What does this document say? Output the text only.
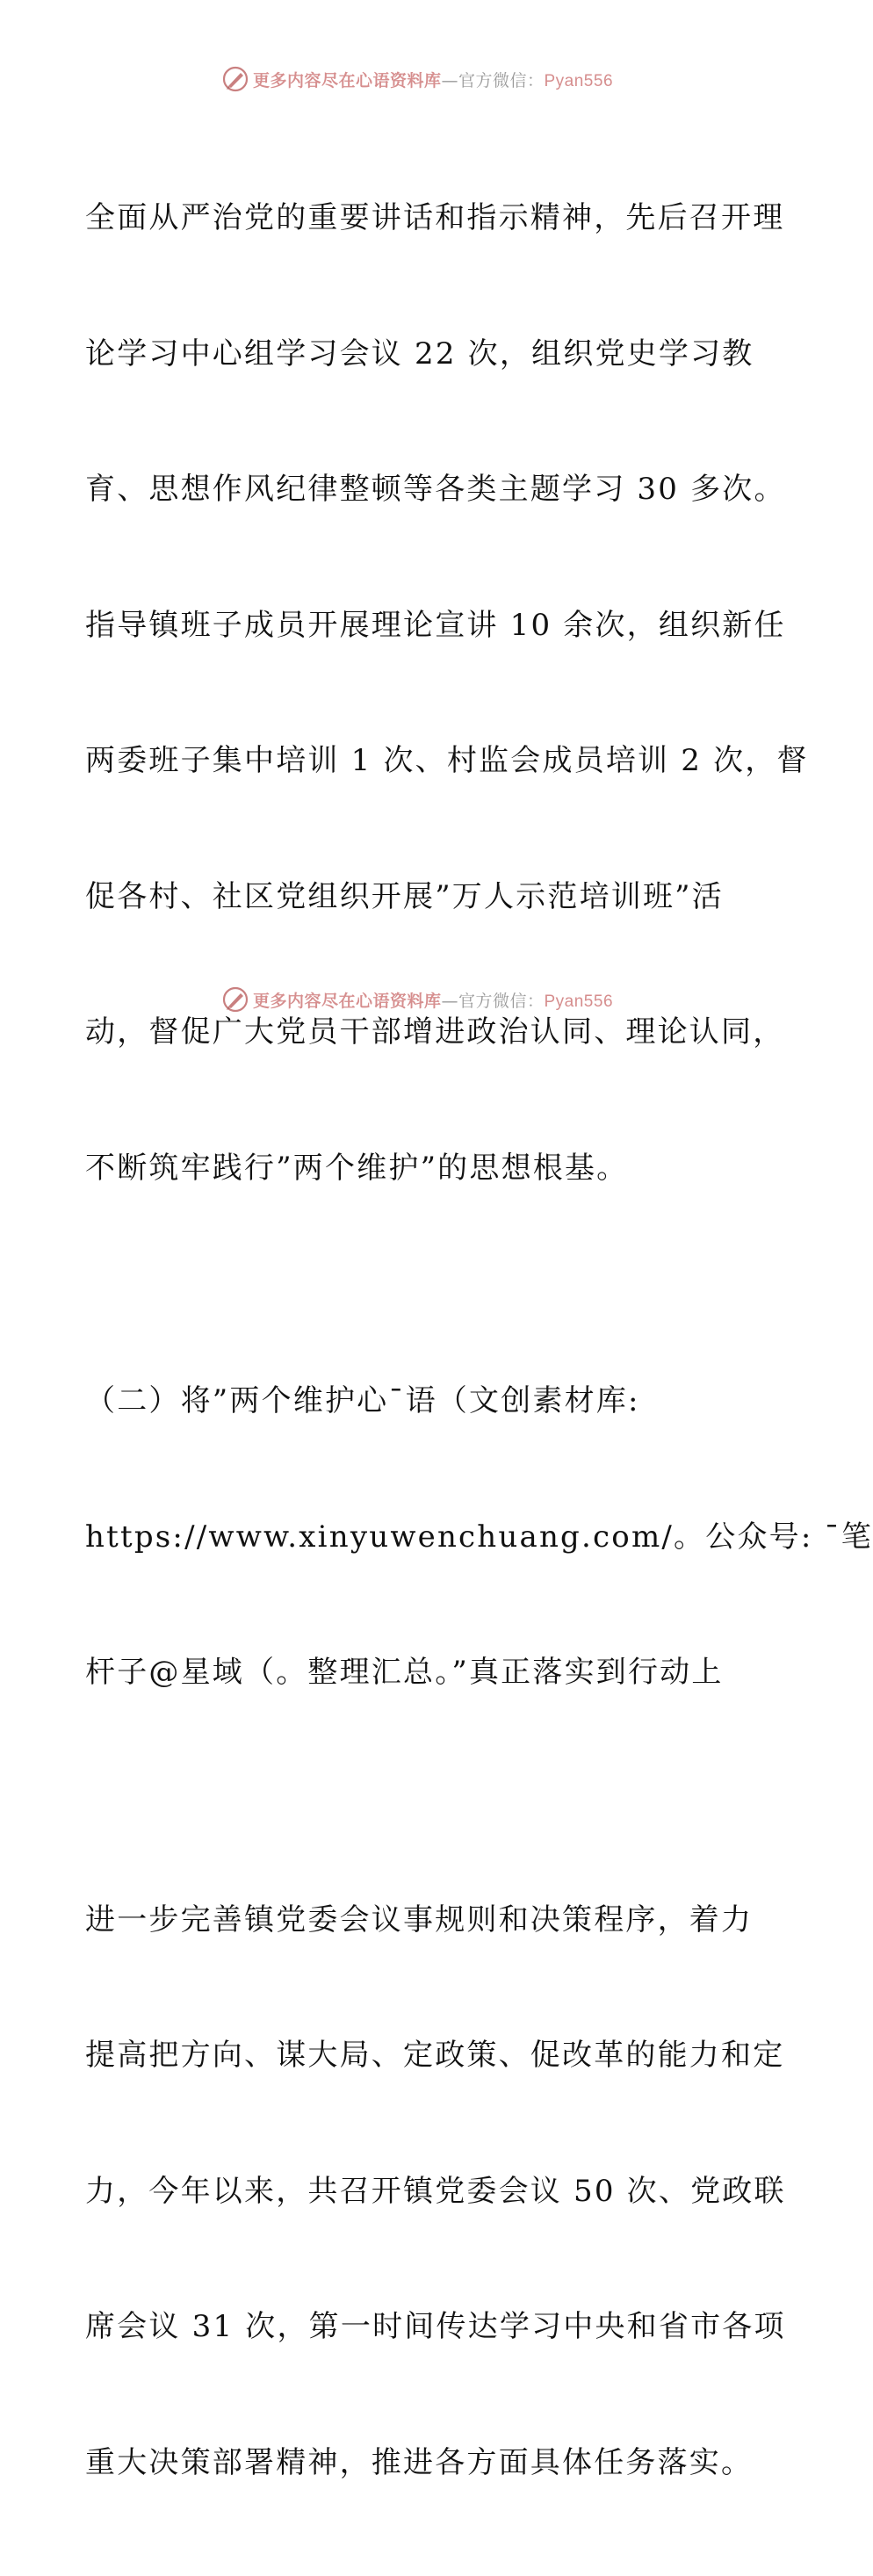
更多内容尽在心语资料库—官方微信：Pyan556

全面从严治党的重要讲话和指示精神，先后召开理

论学习中心组学习会议 22 次，组织党史学习教

育、思想作风纪律整顿等各类主题学习 30 多次。

指导镇班子成员开展理论宣讲 10 余次，组织新任

两委班子集中培训 1 次、村监会成员培训 2 次，督

促各村、社区党组织开展”万人示范培训班”活

动，督促广大党员干部增进政治认同、理论认同，

不断筑牢践行”两个维护”的思想根基。

（二）将”两个维护心¯语（文创素材库:

https://www.xinyuwenchuang.com/。公众号: ¯笔

杆子@星域（。整理汇总。”真正落实到行动上

进一步完善镇党委会议事规则和决策程序，着力

提高把方向、谋大局、定政策、促改革的能力和定

力，今年以来，共召开镇党委会议 50 次、党政联

席会议 31 次，第一时间传达学习中央和省市各项

重大决策部署精神，推进各方面具体任务落实。

更多内容尽在心语资料库—官方微信：Pyan556
